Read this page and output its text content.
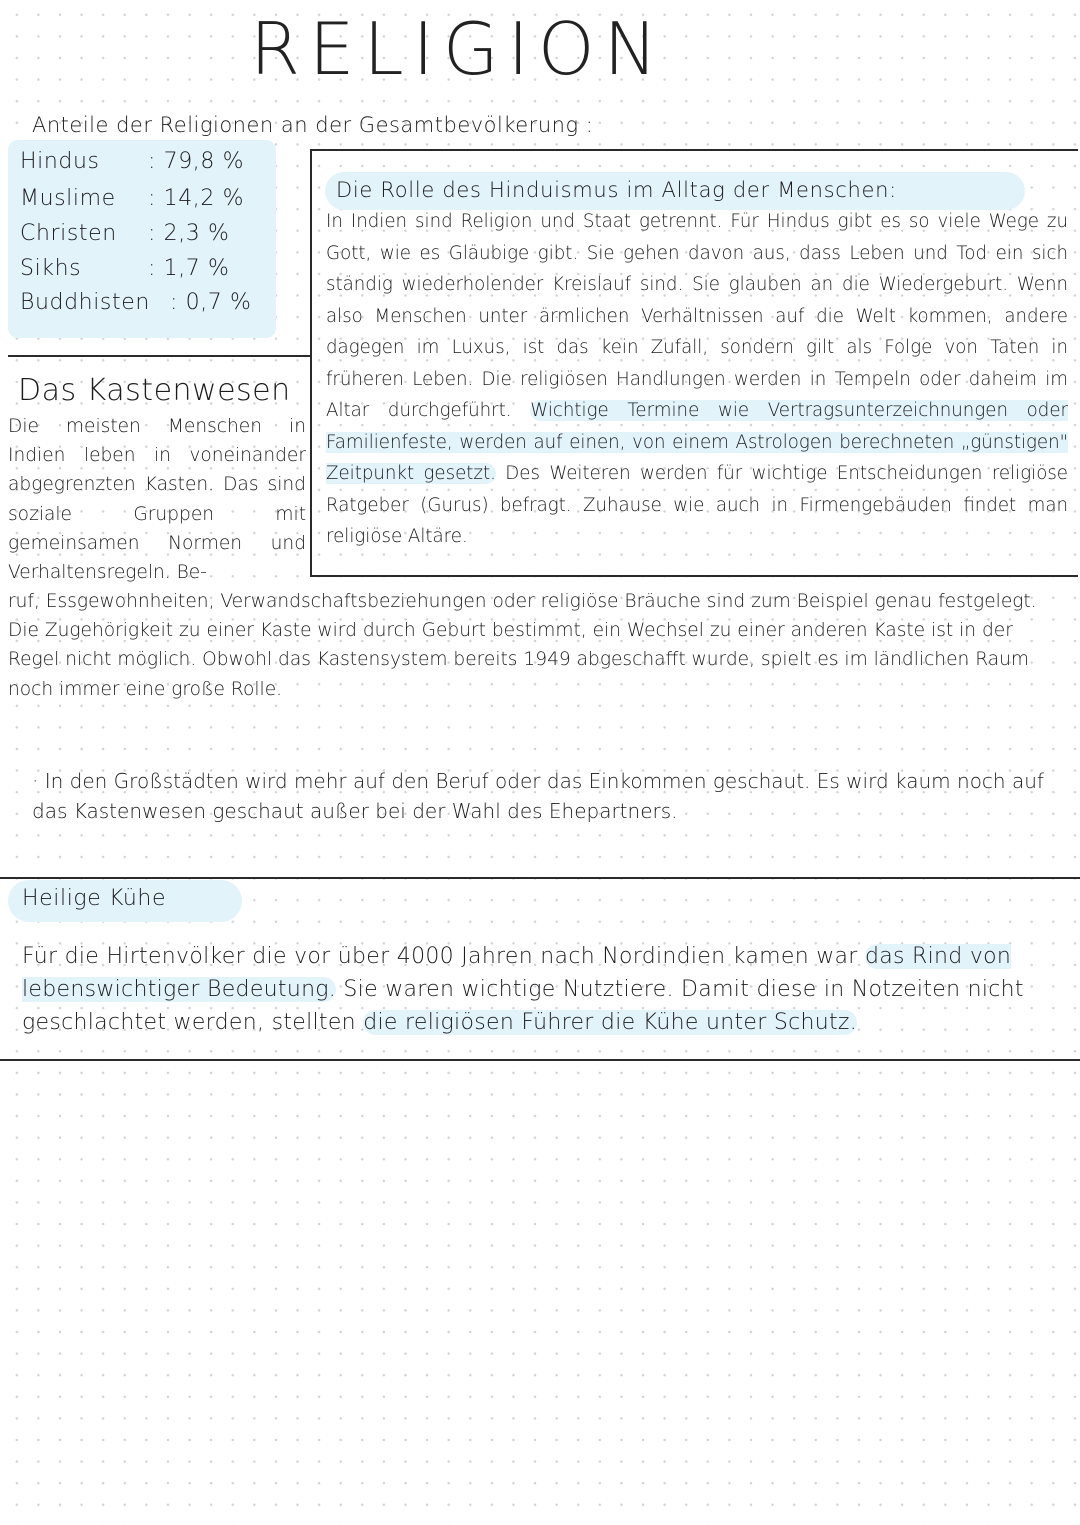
RELIGION
Anteile der Religionen an der Gesamtbevölkerung :
Hindus : 79,8 %
Muslime : 14,2 %
Christen : 2,3 %
Sikhs	: 1,7 %
Buddhisten : 0,7 %
Die Rolle des Hinduismus im Alltag der Menschen:
In Indien sind Religion und Staat getrennt. Für Hindus gibt es so viele Wege zu Gott, wie es Gläubige gibt. Sie gehen davon aus, dass Leben und Tod ein sich ständig wiederholender Kreislauf sind. Sie glauben an die Wiedergeburt. Wenn also Menschen unter ärmlichen Verhältnissen auf die Welt kommen, andere dagegen im Luxus, ist das kein Zufall, sondern gilt als Folge von Taten in früheren Leben. Die religiösen Handlungen werden in Tempeln oder daheim im Altar durchgeführt. Wichtige Termine wie Vertragsunterzeichnungen oder Familienfeste, werden auf einen, von einem Astrologen berechneten „günstigen" Zeitpunkt gesetzt. Des Weiteren werden für wichtige Entscheidungen religiöse Ratgeber (Gurus) befragt. Zuhause wie auch in Firmengebäuden findet man religiöse Altäre.
Das Kastenwesen
Die meisten Menschen in Indien leben in voneinander abgegrenzten Kasten. Das sind soziale Gruppen mit gemeinsamen Normen und Verhaltensregeln. Be-
ruf, Essgewohnheiten, Verwandschaftsbeziehungen oder religiöse Bräuche sind zum Beispiel genau festgelegt. Die Zugehörigkeit zu einer Kaste wird durch Geburt bestimmt, ein Wechsel zu einer anderen Kaste ist in der Regel nicht möglich. Obwohl das Kastensystem bereits 1949 abgeschafft wurde, spielt es im ländlichen Raum noch immer eine große Rolle.
· In den Großstädten wird mehr auf den Beruf oder das Einkommen geschaut. Es wird kaum noch auf das Kastenwesen geschaut außer bei der Wahl des Ehepartners.
Heilige Kühe
Für die Hirtenvölker die vor über 4000 Jahren nach Nordindien kamen war das Rind von lebenswichtiger Bedeutung. Sie waren wichtige Nutztiere. Damit diese in Notzeiten nicht geschlachtet werden, stellten die religiösen Führer die Kühe unter Schutz.
